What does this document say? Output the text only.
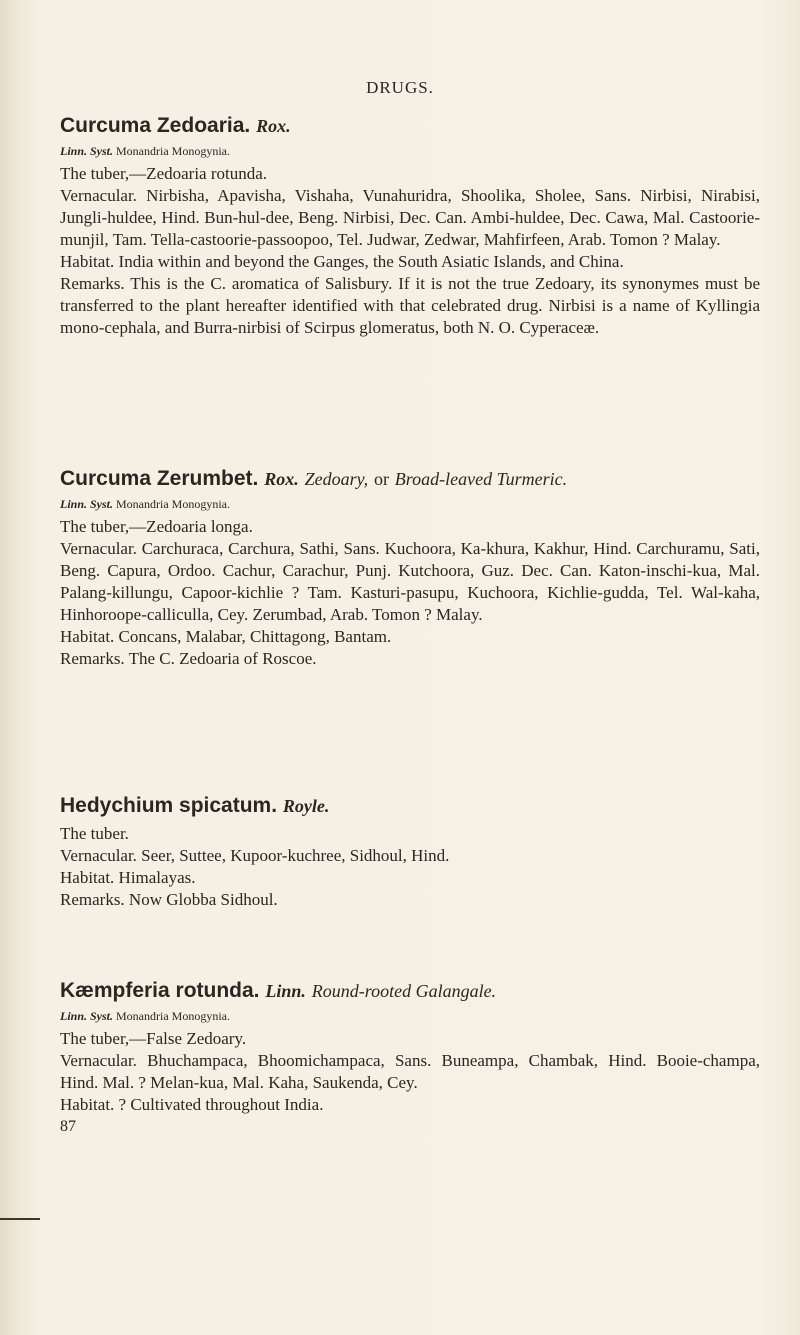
DRUGS.
Curcuma Zedoaria. Rox.
Linn. Syst. Monandria Monogynia.

The tuber,—Zedoaria rotunda.

Vernacular. Nirbisha, Apavisha, Vishaha, Vunahuridra, Shoolika, Sholee, Sans. Nirbisi, Nirabisi, Jungli-huldee, Hind. Bun-hul-dee, Beng. Nirbisi, Dec. Can. Ambi-huldee, Dec. Cawa, Mal. Castoorie-munjil, Tam. Tella-castoorie-passoopoo, Tel. Judwar, Zedwar, Mahfirfeen, Arab. Tomon ? Malay.

Habitat. India within and beyond the Ganges, the South Asiatic Islands, and China.

Remarks. This is the C. aromatica of Salisbury. If it is not the true Zedoary, its synonymes must be transferred to the plant hereafter identified with that celebrated drug. Nirbisi is a name of Kyllingia mono-cephala, and Burra-nirbisi of Scirpus glomeratus, both N. O. Cyperaceæ.

Curcuma Zerumbet. Rox. Zedoary, or Broad-leaved Turmeric.
Linn. Syst. Monandria Monogynia.

The tuber,—Zedoaria longa.

Vernacular. Carchuraca, Carchura, Sathi, Sans. Kuchoora, Ka-khura, Kakhur, Hind. Carchuramu, Sati, Beng. Capura, Ordoo. Cachur, Carachur, Punj. Kutchoora, Guz. Dec. Can. Katon-inschi-kua, Mal. Palang-killungu, Capoor-kichlie ? Tam. Kasturi-pasupu, Kuchoora, Kichlie-gudda, Tel. Wal-kaha, Hinhoroope-calliculla, Cey. Zerumbad, Arab. Tomon ? Malay.

Habitat. Concans, Malabar, Chittagong, Bantam.

Remarks. The C. Zedoaria of Roscoe.

Hedychium spicatum. Royle.

The tuber.

Vernacular. Seer, Suttee, Kupoor-kuchree, Sidhoul, Hind.

Habitat. Himalayas.

Remarks. Now Globba Sidhoul.

Kæmpferia rotunda. Linn. Round-rooted Galangale.
Linn. Syst. Monandria Monogynia.

The tuber,—False Zedoary.

Vernacular. Bhuchampaca, Bhoomichampaca, Sans. Buneampa, Chambak, Hind. Booie-champa, Hind. Mal. ? Melan-kua, Mal. Kaha, Saukenda, Cey.

Habitat. ? Cultivated throughout India.

87
